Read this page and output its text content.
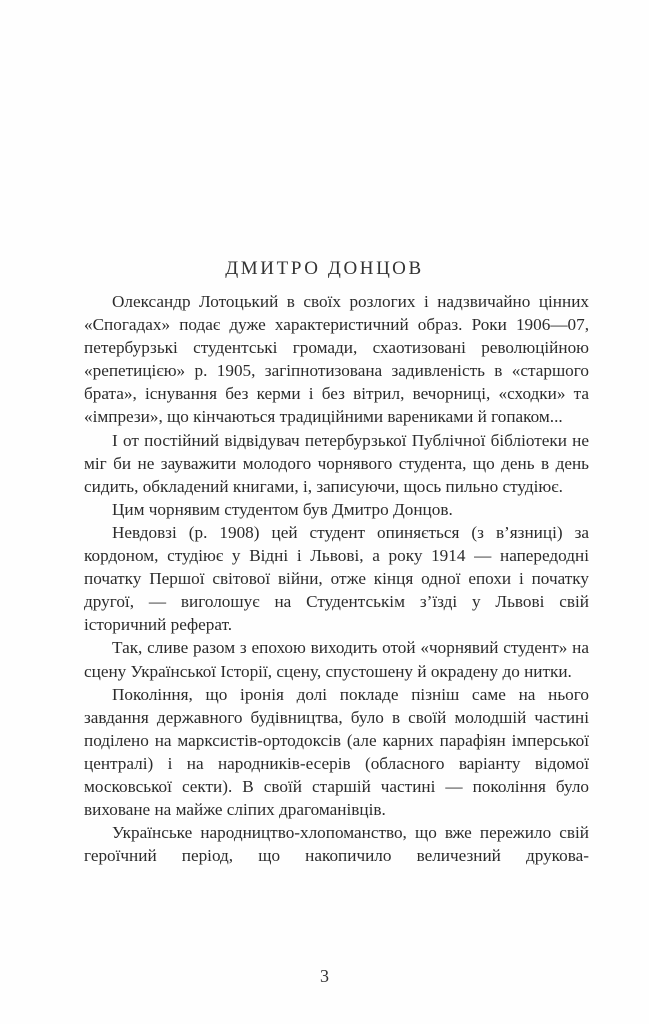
ДМИТРО ДОНЦОВ

Олександр Лотоцький в своїх розлогих і надзвичайно цінних «Спогадах» подає дуже характеристичний образ. Роки 1906—07, петербурзькі студентські громади, схаотизовані революційною «репетицією» р. 1905, загіпнотизована задивленість в «старшого брата», існування без керми і без вітрил, вечорниці, «сходки» та «імпрези», що кінчаються традиційними варениками й гопаком...

І от постійний відвідувач петербурзької Публічної бібліотеки не міг би не зауважити молодого чорнявого студента, що день в день сидить, обкладений книгами, і, записуючи, щось пильно студіює.

Цим чорнявим студентом був Дмитро Донцов.

Невдовзі (р. 1908) цей студент опиняється (з в’язниці) за кордоном, студіює у Відні і Львові, а року 1914 — напередодні початку Першої світової війни, отже кінця одної епохи і початку другої, — виголошує на Студентськім з’їзді у Львові свій історичний реферат.

Так, сливе разом з епохою виходить отой «чорнявий студент» на сцену Української Історії, сцену, спустошену й окрадену до нитки.

Покоління, що іронія долі покладе пізніш саме на нього завдання державного будівництва, було в своїй молодшій частині поділено на марксистів-ортодоксів (але карних парафіян імперської централі) і на народників-есерів (обласного варіанту відомої московської секти). В своїй старшій частині — покоління було виховане на майже сліпих драгоманівців.

Українське народництво-хлопоманство, що вже пережило свій героїчний період, що накопичило величезний друкова-

3
